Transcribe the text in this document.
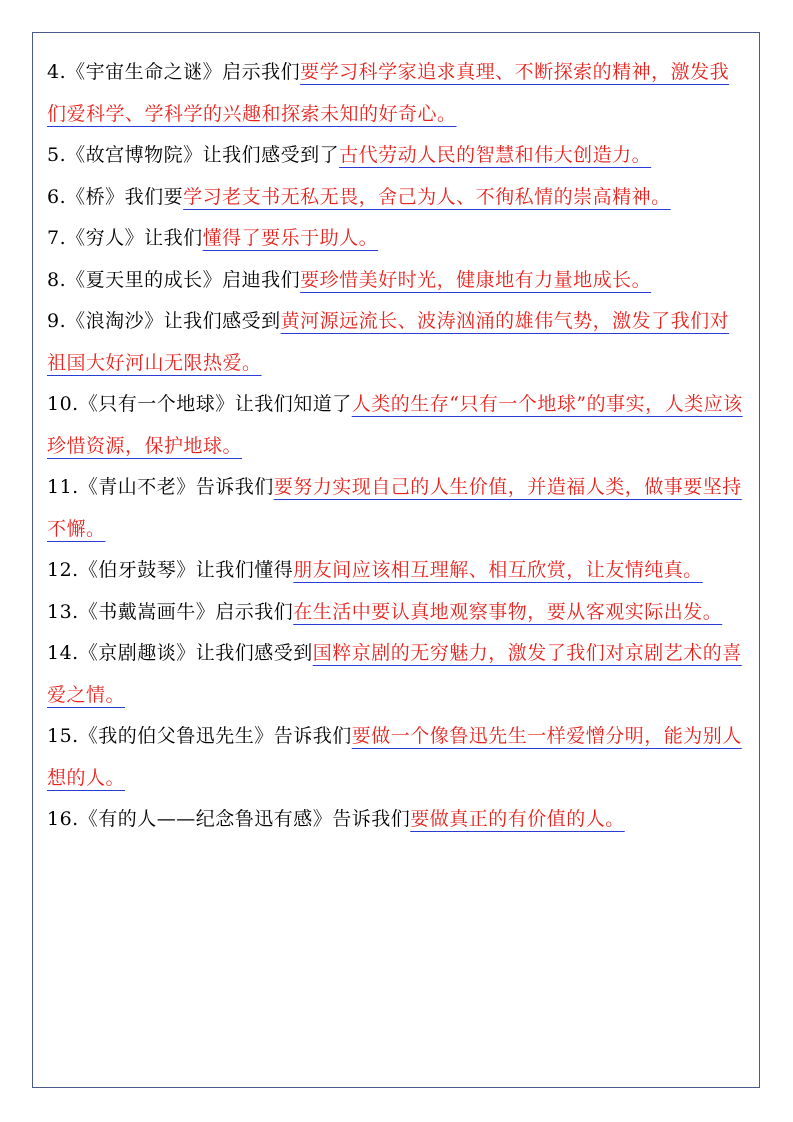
4.《宇宙生命之谜》启示我们要学习科学家追求真理、不断探索的精神，激发我们爱科学、学科学的兴趣和探索未知的好奇心。
5.《故宫博物院》让我们感受到了古代劳动人民的智慧和伟大创造力。
6.《桥》我们要学习老支书无私无畏，舍己为人、不徇私情的崇高精神。
7.《穷人》让我们懂得了要乐于助人。
8.《夏天里的成长》启迪我们要珍惜美好时光，健康地有力量地成长。
9.《浪淘沙》让我们感受到黄河源远流长、波涛汹涌的雄伟气势，激发了我们对祖国大好河山无限热爱。
10.《只有一个地球》让我们知道了人类的生存“只有一个地球”的事实，人类应该珍惜资源，保护地球。
11.《青山不老》告诉我们要努力实现自己的人生价值，并造福人类，做事要坚持不懈。
12.《伯牙鼓琴》让我们懂得朋友间应该相互理解、相互欣赏，让友情纯真。
13.《书戴嵩画牛》启示我们在生活中要认真地观察事物，要从客观实际出发。
14.《京剧趣谈》让我们感受到国粹京剧的无穷魅力，激发了我们对京剧艺术的喜爱之情。
15.《我的伯父鲁迅先生》告诉我们要做一个像鲁迅先生一样爱憎分明，能为别人想的人。
16.《有的人——纪念鲁迅有感》告诉我们要做真正的有价值的人。
